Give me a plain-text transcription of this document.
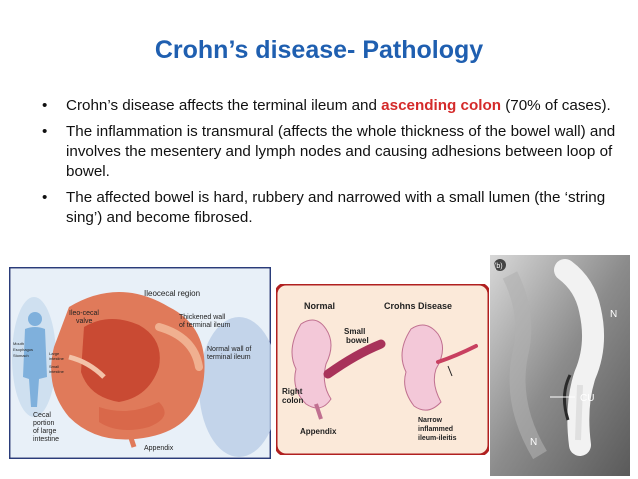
Crohn’s disease- Pathology
• Crohn’s disease affects the terminal ileum and ascending colon (70% of cases).
• The inflammation is transmural (affects the whole thickness of the bowel wall) and involves the mesentery and lymph nodes and causing adhesions between loop of bowel.
• The affected bowel is hard, rubbery and narrowed with a small lumen (the ‘string sing’) and become fibrosed.
Ileocecal region
Thickened wall
of terminal ileum
Ileo-cecal
valve
Normal wall of
terminal ileum
Cecal
portion
of large
intestine
Appendix
Mouth
Esophagus
Stomach	Large
intestine
Small
intestine
Normal	Crohns Disease
Small
bowel
Right
colon
Appendix
Narrow
inflammed
ileum-ileitis
(b)
N
CU
N
